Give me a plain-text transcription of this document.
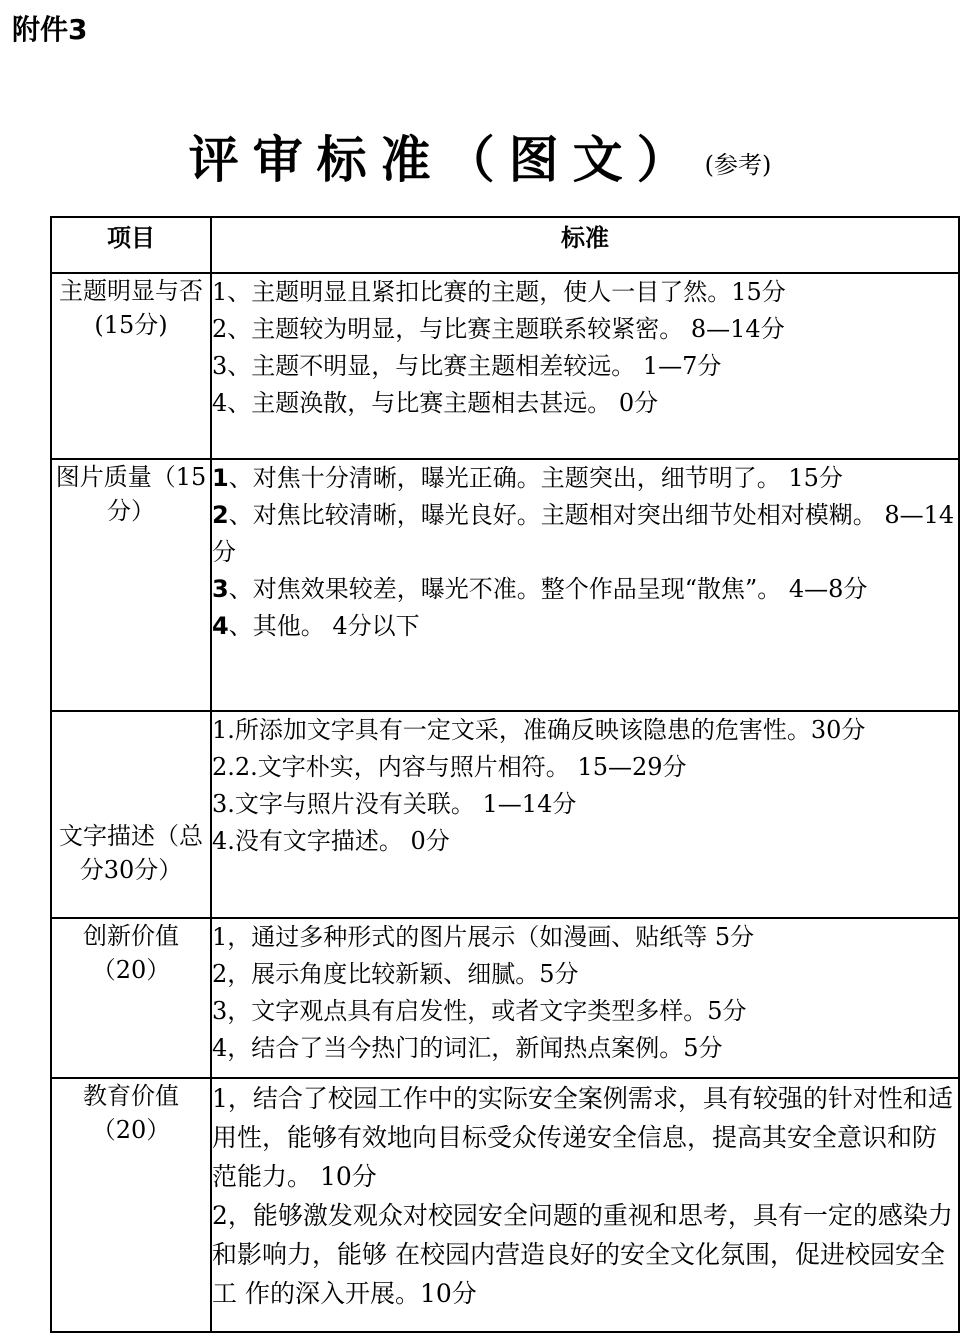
附件3
评审标准（图文） (参考)
项目	标准
主题明显与否(15分)	1、主题明显且紧扣比赛的主题，使人一目了然。15分
2、主题较为明显，与比赛主题联系较紧密。 8—14分
3、主题不明显，与比赛主题相差较远。 1—7分
4、主题涣散，与比赛主题相去甚远。 0分

图片质量（15分）	1、对焦十分清晰，曝光正确。主题突出，细节明了。 15分
2、对焦比较清晰，曝光良好。主题相对突出细节处相对模糊。 8—14分
3、对焦效果较差，曝光不准。整个作品呈现“散焦”。 4—8分
4、其他。 4分以下

文字描述（总分30分）	1.所添加文字具有一定文采，准确反映该隐患的危害性。30分
2.2.文字朴实，内容与照片相符。 15—29分
3.文字与照片没有关联。 1—14分
4.没有文字描述。 0分

创新价值（20）	1，通过多种形式的图片展示（如漫画、贴纸等 5分
2，展示角度比较新颖、细腻。5分
3，文字观点具有启发性，或者文字类型多样。5分
4，结合了当今热门的词汇，新闻热点案例。5分

教育价值（20）	1，结合了校园工作中的实际安全案例需求，具有较强的针对性和适用性，能够有效地向目标受众传递安全信息，提高其安全意识和防范能力。 10分
2，能够激发观众对校园安全问题的重视和思考，具有一定的感染力和影响力，能够 在校园内营造良好的安全文化氛围，促进校园安全工 作的深入开展。10分
